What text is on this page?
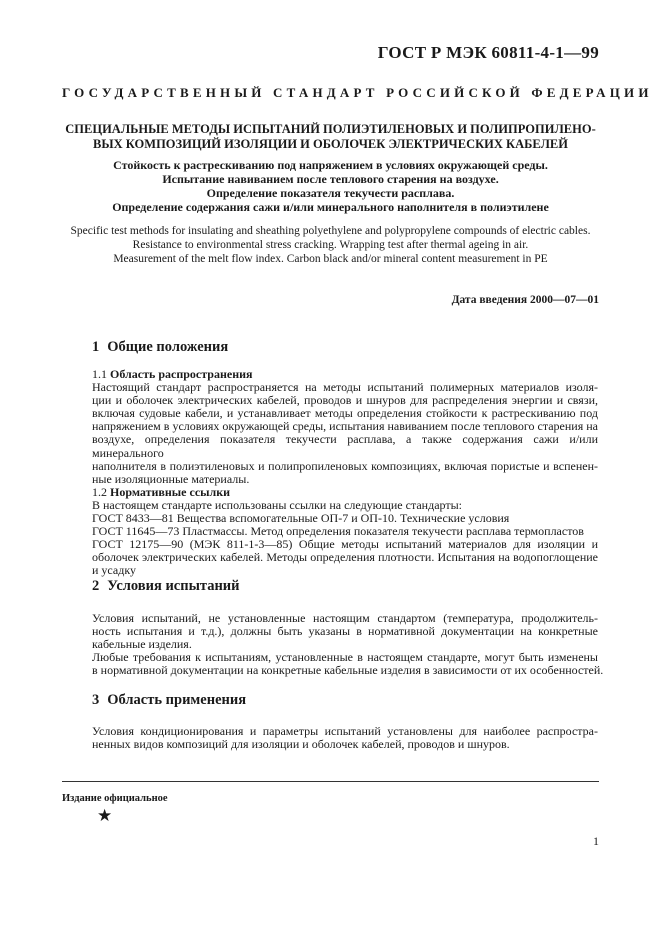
ГОСТ Р МЭК 60811-4-1—99
ГОСУДАРСТВЕННЫЙ СТАНДАРТ РОССИЙСКОЙ ФЕДЕРАЦИИ
СПЕЦИАЛЬНЫЕ МЕТОДЫ ИСПЫТАНИЙ ПОЛИЭТИЛЕНОВЫХ И ПОЛИПРОПИЛЕНО-
ВЫХ КОМПОЗИЦИЙ ИЗОЛЯЦИИ И ОБОЛОЧЕК ЭЛЕКТРИЧЕСКИХ КАБЕЛЕЙ
Стойкость к растрескиванию под напряжением в условиях окружающей среды.
Испытание навиванием после теплового старения на воздухе.
Определение показателя текучести расплава.
Определение содержания сажи и/или минерального наполнителя в полиэтилене
Specific test methods for insulating and sheathing polyethylene and polypropylene compounds of electric cables.
Resistance to environmental stress cracking. Wrapping test after thermal ageing in air.
Measurement of the melt flow index. Carbon black and/or mineral content measurement in PE
Дата введения 2000—07—01
1 Общие положения
1.1 Область распространения
Настоящий стандарт распространяется на методы испытаний полимерных материалов изоля-
ции и оболочек электрических кабелей, проводов и шнуров для распределения энергии и связи,
включая судовые кабели, и устанавливает методы определения стойкости к растрескиванию под
напряжением в условиях окружающей среды, испытания навиванием после теплового старения на
воздухе, определения показателя текучести расплава, а также содержания сажи и/или минерального
наполнителя в полиэтиленовых и полипропиленовых композициях, включая пористые и вспенен-
ные изоляционные материалы.
1.2 Нормативные ссылки
В настоящем стандарте использованы ссылки на следующие стандарты:
ГОСТ 8433—81 Вещества вспомогательные ОП-7 и ОП-10. Технические условия
ГОСТ 11645—73 Пластмассы. Метод определения показателя текучести расплава термопластов
ГОСТ 12175—90 (МЭК 811-1-3—85) Общие методы испытаний материалов для изоляции и
оболочек электрических кабелей. Методы определения плотности. Испытания на водопоглощение
и усадку
2 Условия испытаний
Условия испытаний, не установленные настоящим стандартом (температура, продолжитель-
ность испытания и т.д.), должны быть указаны в нормативной документации на конкретные
кабельные изделия.
Любые требования к испытаниям, установленные в настоящем стандарте, могут быть изменены
в нормативной документации на конкретные кабельные изделия в зависимости от их особенностей.
3 Область применения
Условия кондиционирования и параметры испытаний установлены для наиболее распростра-
ненных видов композиций для изоляции и оболочек кабелей, проводов и шнуров.
Издание официальное
★
1
